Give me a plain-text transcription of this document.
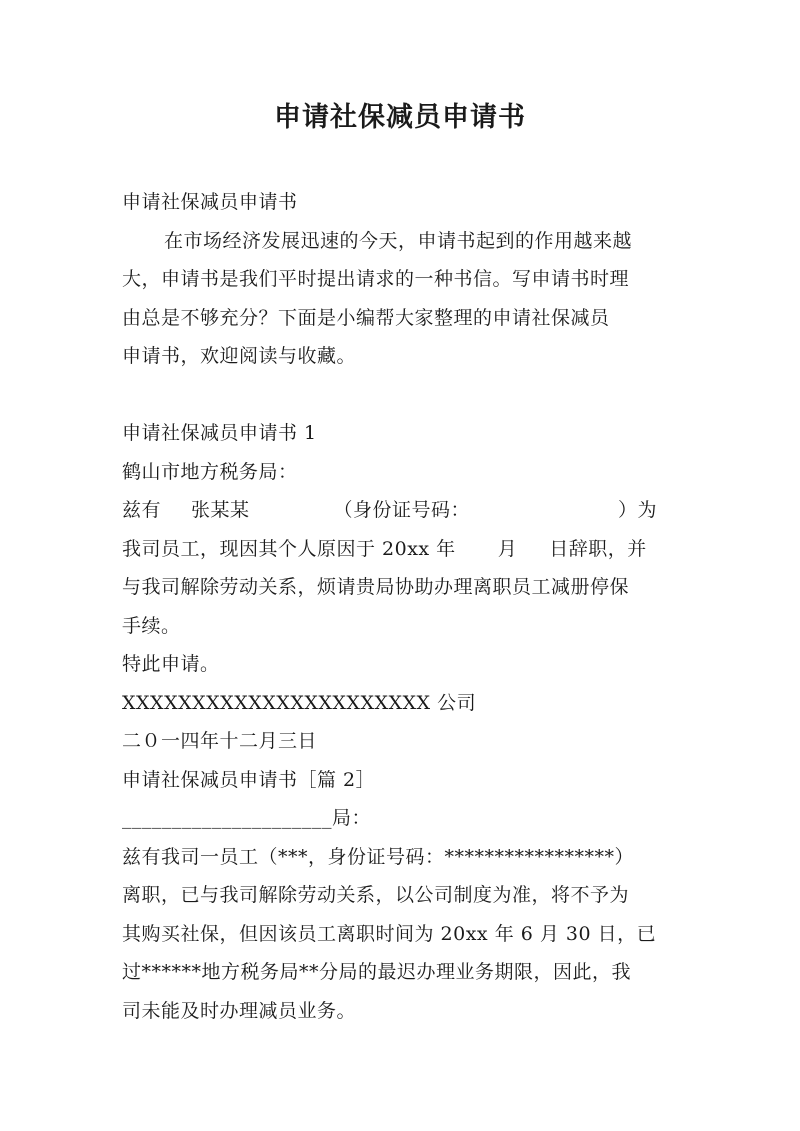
申请社保减员申请书
申请社保减员申请书
在市场经济发展迅速的今天，申请书起到的作用越来越
大，申请书是我们平时提出请求的一种书信。写申请书时理
由总是不够充分？下面是小编帮大家整理的申请社保减员
申请书，欢迎阅读与收藏。
申请社保减员申请书 1
鹤山市地方税务局：
兹有 张某某	（身份证号码：	）为
我司员工，现因其个人原因于 20xx 年 月 日辞职，并
与我司解除劳动关系，烦请贵局协助办理离职员工减册停保
手续。
特此申请。
XXXXXXXXXXXXXXXXXXXXXX 公司
二０一四年十二月三日
申请社保减员申请书［篇 2］
_____________________局：
兹有我司一员工（***，身份证号码：*****************）
离职，已与我司解除劳动关系，以公司制度为准，将不予为
其购买社保，但因该员工离职时间为 20xx 年 6 月 30 日，已
过******地方税务局**分局的最迟办理业务期限，因此，我
司未能及时办理减员业务。
